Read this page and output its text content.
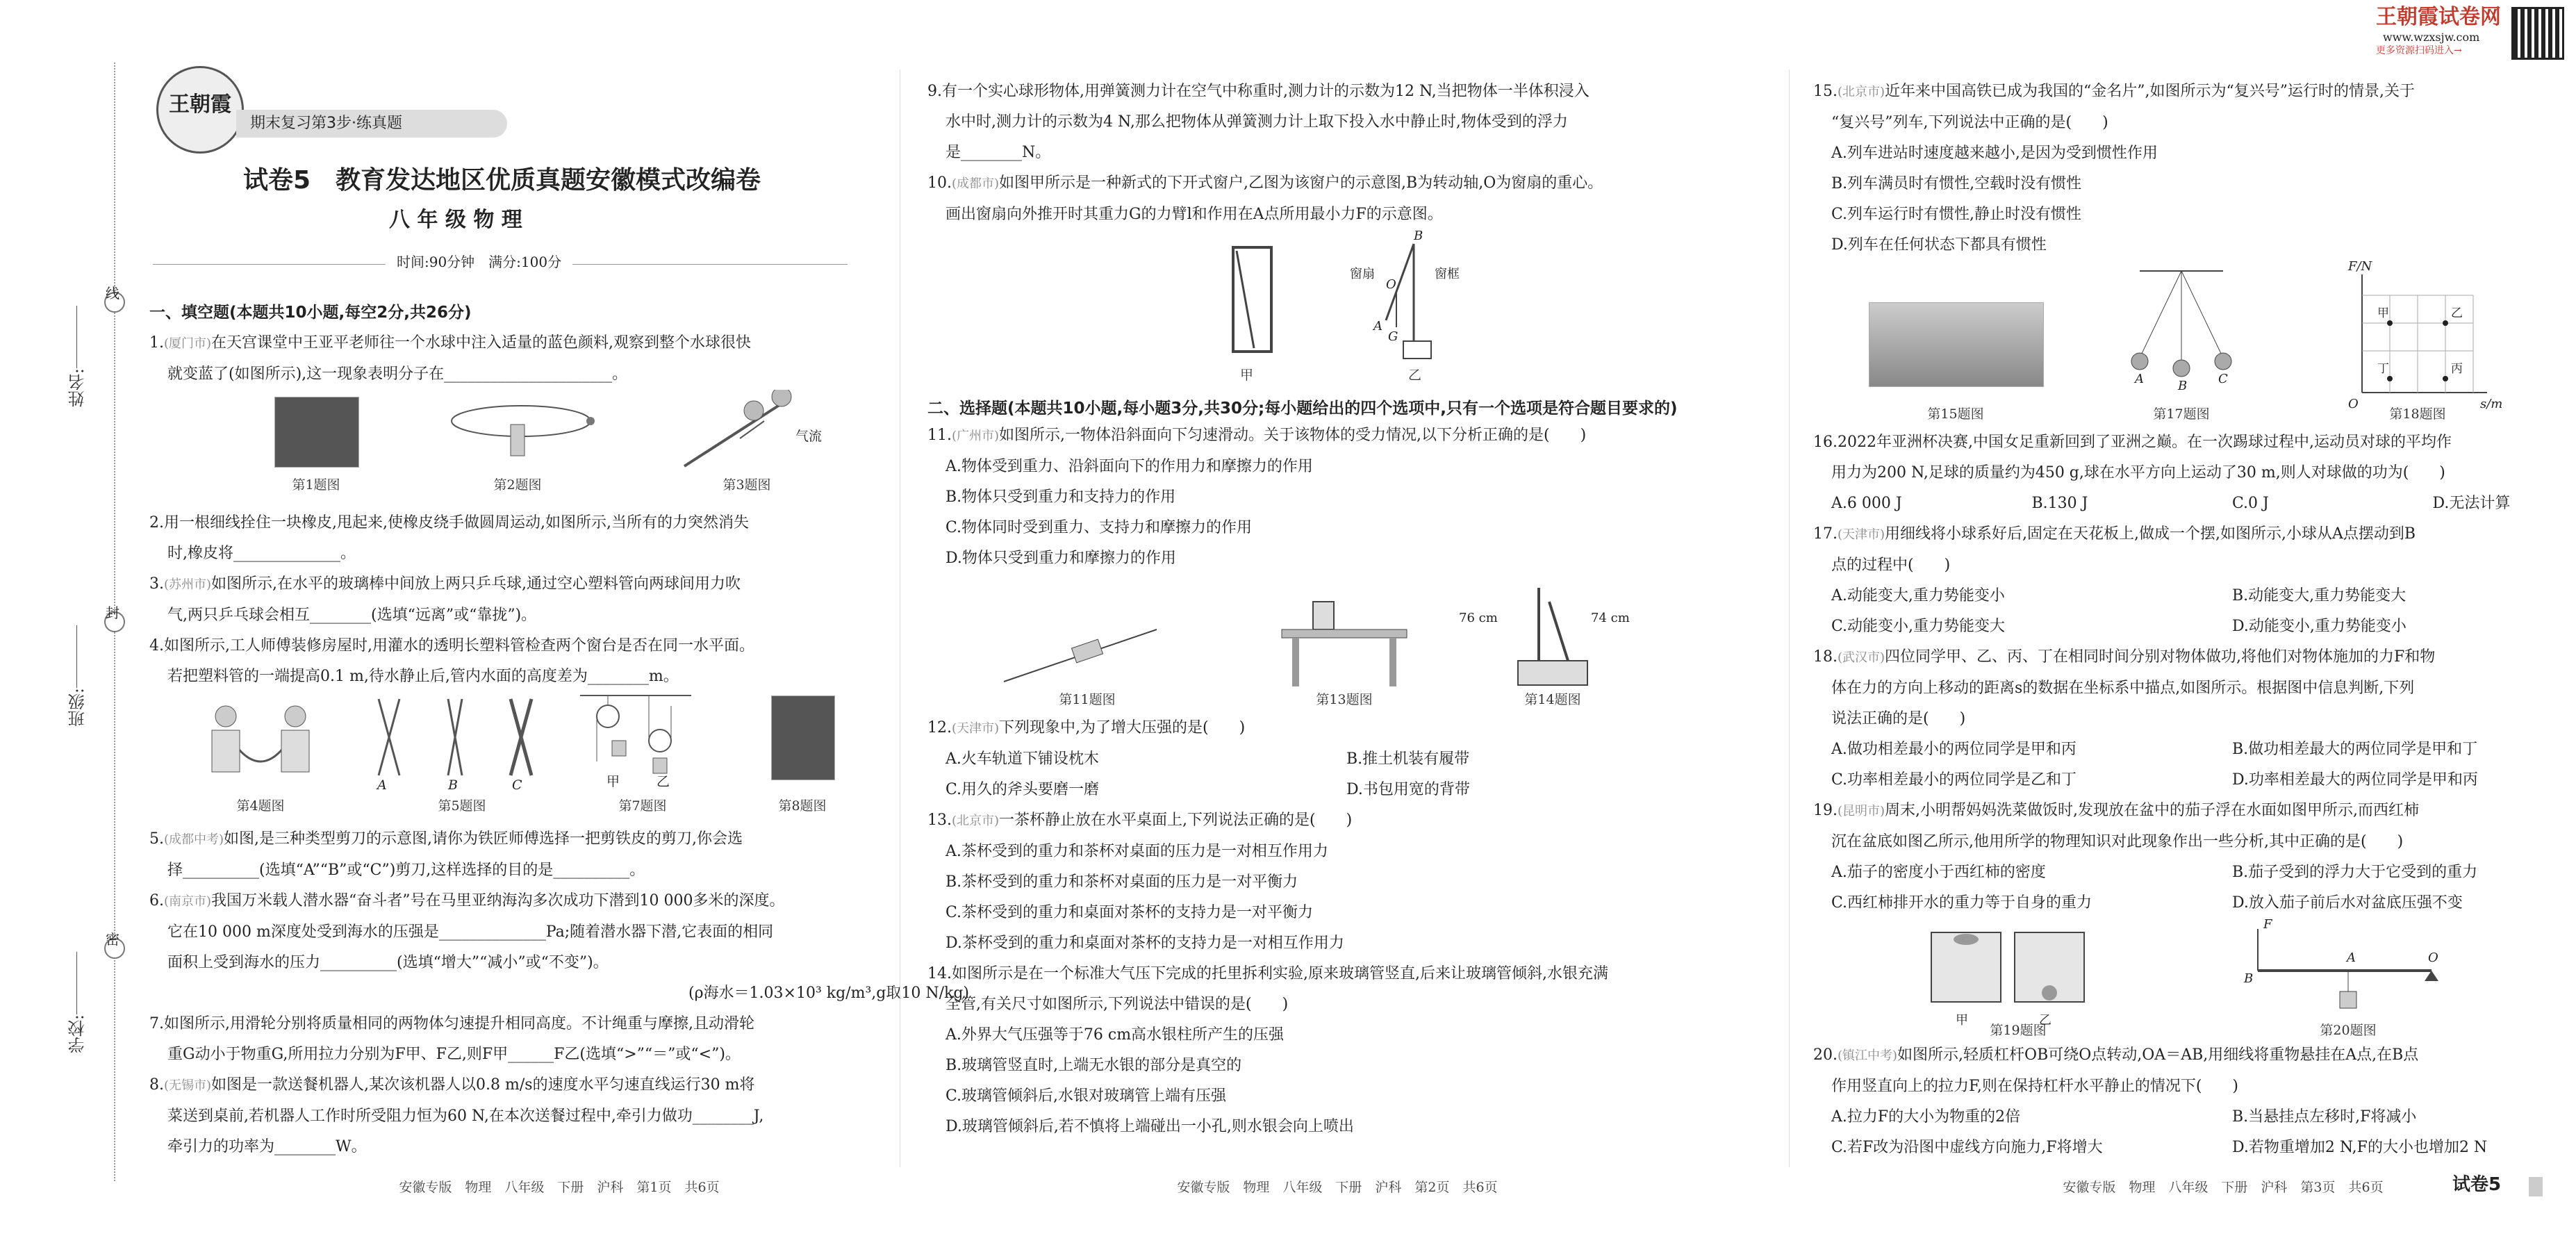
线
封
密
姓名:
班级:
学校:
王朝霞
期末复习第3步·练真题
试卷5　教育发达地区优质真题安徽模式改编卷
八 年 级 物 理
时间:90分钟　满分:100分
一、填空题(本题共10小题,每空2分,共26分)
1.(厦门市)在天宫课堂中王亚平老师往一个水球中注入适量的蓝色颜料,观察到整个水球很快
就变蓝了(如图所示),这一现象表明分子在______________________。
气流
第1题图	第2题图	第3题图
2.用一根细线拴住一块橡皮,甩起来,使橡皮绕手做圆周运动,如图所示,当所有的力突然消失
时,橡皮将______________。
3.(苏州市)如图所示,在水平的玻璃棒中间放上两只乒乓球,通过空心塑料管向两球间用力吹
气,两只乒乓球会相互________(选填“远离”或“靠拢”)。
4.如图所示,工人师傅装修房屋时,用灌水的透明长塑料管检查两个窗台是否在同一水平面。
若把塑料管的一端提高0.1 m,待水静止后,管内水面的高度差为________m。
A	B	C	甲	乙
第4题图	第5题图	第7题图	第8题图
5.(成都中考)如图,是三种类型剪刀的示意图,请你为铁匠师傅选择一把剪铁皮的剪刀,你会选
择__________(选填“A”“B”或“C”)剪刀,这样选择的目的是__________。
6.(南京市)我国万米载人潜水器“奋斗者”号在马里亚纳海沟多次成功下潜到10 000多米的深度。
它在10 000 m深度处受到海水的压强是______________Pa;随着潜水器下潜,它表面的相同
面积上受到海水的压力__________(选填“增大”“减小”或“不变”)。

(ρ海水＝1.03×10³ kg/m³,g取10 N/kg)
7.如图所示,用滑轮分别将质量相同的两物体匀速提升相同高度。不计绳重与摩擦,且动滑轮
重G动小于物重G,所用拉力分别为F甲、F乙,则F甲______F乙(选填“>”“＝”或“<”)。
8.(无锡市)如图是一款送餐机器人,某次该机器人以0.8 m/s的速度水平匀速直线运行30 m将
菜送到桌前,若机器人工作时所受阻力恒为60 N,在本次送餐过程中,牵引力做功________J,
牵引力的功率为________W。
安徽专版　物理　八年级　下册　沪科　第1页　共6页
9.有一个实心球形物体,用弹簧测力计在空气中称重时,测力计的示数为12 N,当把物体一半体积浸入
水中时,测力计的示数为4 N,那么把物体从弹簧测力计上取下投入水中静止时,物体受到的浮力
是________N。
10.(成都市)如图甲所示是一种新式的下开式窗户,乙图为该窗户的示意图,B为转动轴,O为窗扇的重心。
画出窗扇向外推开时其重力G的力臂l和作用在A点所用最小力F的示意图。
甲	乙
窗扇	窗框
A
B
O
G
二、选择题(本题共10小题,每小题3分,共30分;每小题给出的四个选项中,只有一个选项是符合题目要求的)
11.(广州市)如图所示,一物体沿斜面向下匀速滑动。关于该物体的受力情况,以下分析正确的是(　　)
A.物体受到重力、沿斜面向下的作用力和摩擦力的作用
B.物体只受到重力和支持力的作用
C.物体同时受到重力、支持力和摩擦力的作用
D.物体只受到重力和摩擦力的作用
76 cm	74 cm
第11题图	第13题图	第14题图
12.(天津市)下列现象中,为了增大压强的是(　　)
A.火车轨道下铺设枕木	B.推土机装有履带
C.用久的斧头要磨一磨	D.书包用宽的背带
13.(北京市)一茶杯静止放在水平桌面上,下列说法正确的是(　　)
A.茶杯受到的重力和茶杯对桌面的压力是一对相互作用力
B.茶杯受到的重力和茶杯对桌面的压力是一对平衡力
C.茶杯受到的重力和桌面对茶杯的支持力是一对平衡力
D.茶杯受到的重力和桌面对茶杯的支持力是一对相互作用力
14.如图所示是在一个标准大气压下完成的托里拆利实验,原来玻璃管竖直,后来让玻璃管倾斜,水银充满
全管,有关尺寸如图所示,下列说法中错误的是(　　)
A.外界大气压强等于76 cm高水银柱所产生的压强
B.玻璃管竖直时,上端无水银的部分是真空的
C.玻璃管倾斜后,水银对玻璃管上端有压强
D.玻璃管倾斜后,若不慎将上端碰出一小孔,则水银会向上喷出
安徽专版　物理　八年级　下册　沪科　第2页　共6页
王朝霞试卷网
www.wzxsjw.com
更多资源扫码进入→
15.(北京市)近年来中国高铁已成为我国的“金名片”,如图所示为“复兴号”运行时的情景,关于
“复兴号”列车,下列说法中正确的是(　　)
A.列车进站时速度越来越小,是因为受到惯性作用
B.列车满员时有惯性,空载时没有惯性
C.列车运行时有惯性,静止时没有惯性
D.列车在任何状态下都具有惯性
A	B C
F/N
s/m
O
甲	乙
丁	丙
第15题图	第17题图	第18题图
16.2022年亚洲杯决赛,中国女足重新回到了亚洲之巅。在一次踢球过程中,运动员对球的平均作
用力为200 N,足球的质量约为450 g,球在水平方向上运动了30 m,则人对球做的功为(　　)
A.6 000 J	B.130 J	C.0 J	D.无法计算
17.(天津市)用细线将小球系好后,固定在天花板上,做成一个摆,如图所示,小球从A点摆动到B
点的过程中(　　)
A.动能变大,重力势能变小	B.动能变大,重力势能变大
C.动能变小,重力势能变大	D.动能变小,重力势能变小
18.(武汉市)四位同学甲、乙、丙、丁在相同时间分别对物体做功,将他们对物体施加的力F和物
体在力的方向上移动的距离s的数据在坐标系中描点,如图所示。根据图中信息判断,下列
说法正确的是(　　)
A.做功相差最小的两位同学是甲和丙	B.做功相差最大的两位同学是甲和丁
C.功率相差最小的两位同学是乙和丁	D.功率相差最大的两位同学是甲和丙
19.(昆明市)周末,小明帮妈妈洗菜做饭时,发现放在盆中的茄子浮在水面如图甲所示,而西红柿
沉在盆底如图乙所示,他用所学的物理知识对此现象作出一些分析,其中正确的是(　　)
A.茄子的密度小于西红柿的密度	B.茄子受到的浮力大于它受到的重力
C.西红柿排开水的重力等于自身的重力	D.放入茄子前后水对盆底压强不变
甲	乙
F
A	O
B
第19题图	第20题图
20.(镇江中考)如图所示,轻质杠杆OB可绕O点转动,OA＝AB,用细线将重物悬挂在A点,在B点
作用竖直向上的拉力F,则在保持杠杆水平静止的情况下(　　)
A.拉力F的大小为物重的2倍	B.当悬挂点左移时,F将减小
C.若F改为沿图中虚线方向施力,F将增大	D.若物重增加2 N,F的大小也增加2 N
安徽专版　物理　八年级　下册　沪科　第3页　共6页	试卷5
